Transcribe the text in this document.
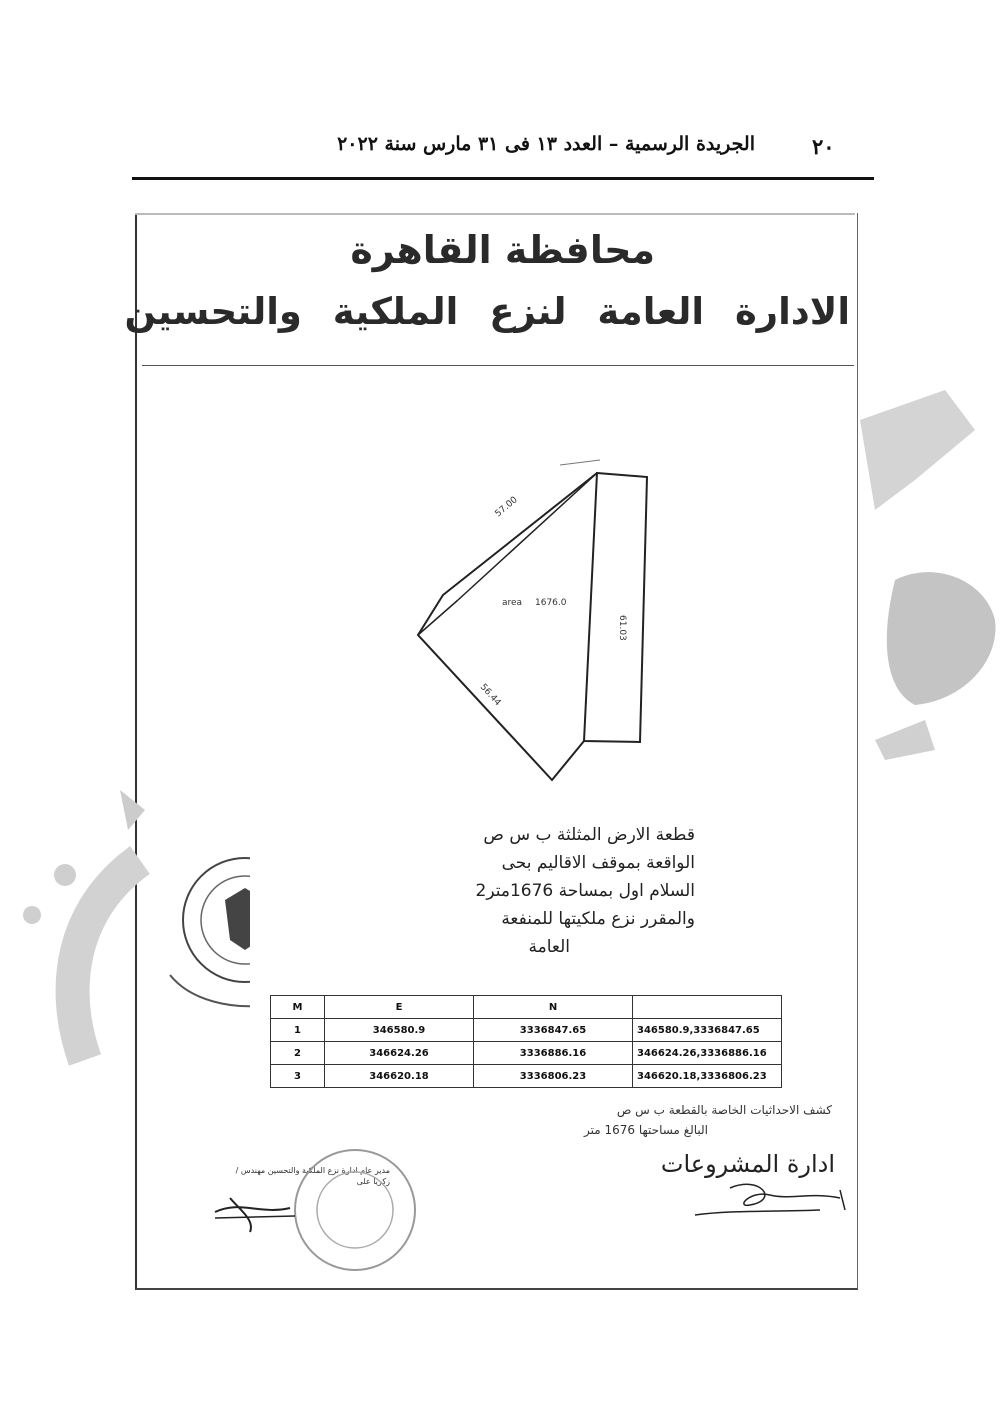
٢٠
الجريدة الرسمية – العدد ١٣ فى ٣١ مارس سنة ٢٠٢٢
محافظة القاهرة
الادارة العامة لنزع الملكية والتحسين
area 1676.0
57.00
61.03
56.44
قطعة الارض المثلثة ب س ص
الواقعة بموقف الاقاليم بحى
السلام اول بمساحة 1676متر2
والمقرر نزع ملكيتها للمنفعة
العامة
M	E	N	
1	346580.9	3336847.65	346580.9,3336847.65
2	346624.26	3336886.16	346624.26,3336886.16
3	346620.18	3336806.23	346620.18,3336806.23
كشف الاحداثيات الخاصة بالقطعة ب س ص
البالغ مساحتها 1676 متر
ادارة المشروعات
مدير عام ادارة نزع الملكية والتحسين مهندس / زكريا على
